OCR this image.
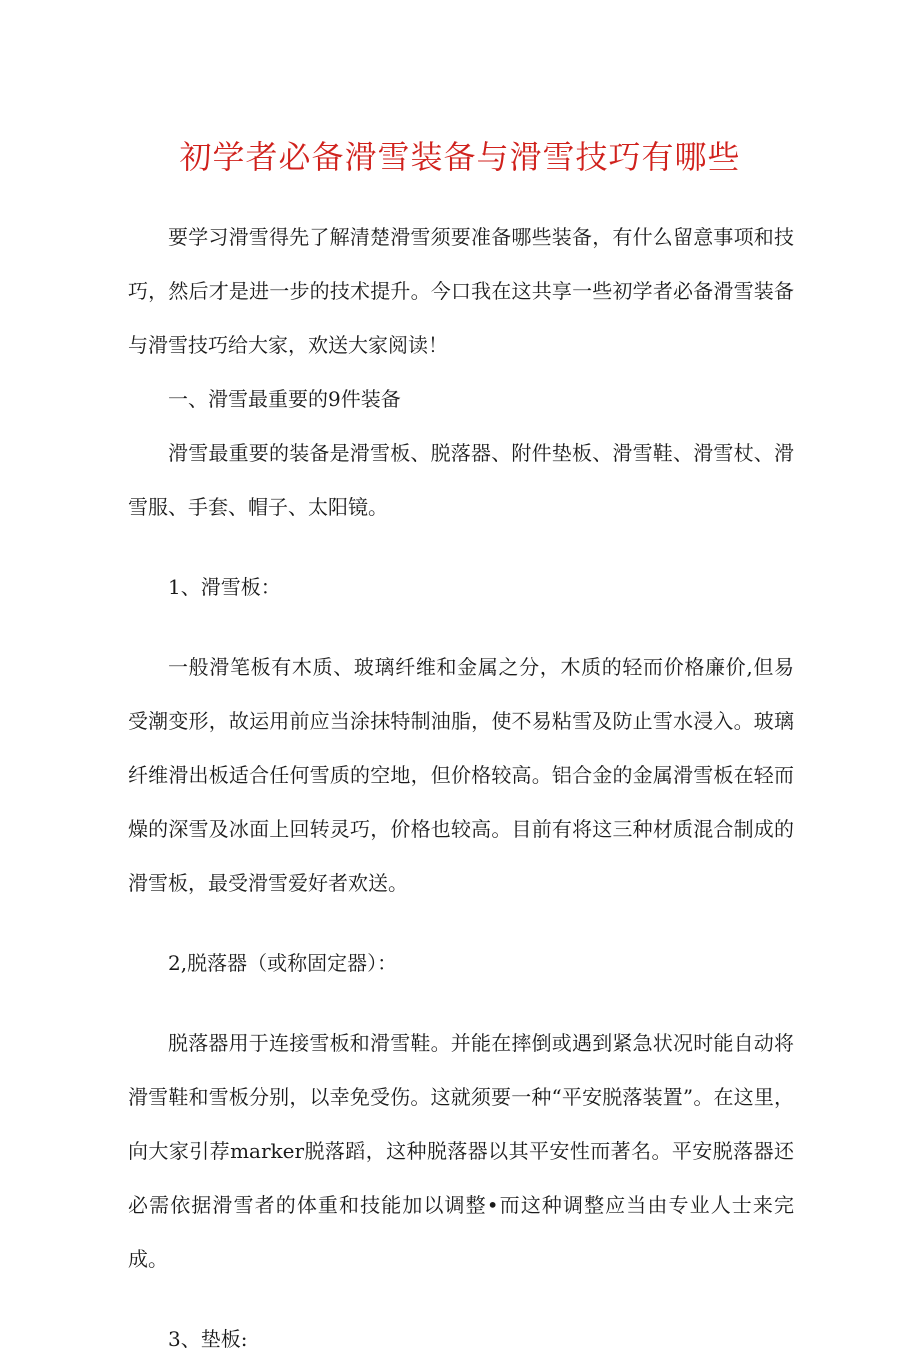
初学者必备滑雪装备与滑雪技巧有哪些

要学习滑雪得先了解清楚滑雪须要准备哪些装备，有什么留意事项和技巧，然后才是进一步的技术提升。今口我在这共享一些初学者必备滑雪装备与滑雪技巧给大家，欢送大家阅读！

一、滑雪最重要的9件装备

滑雪最重要的装备是滑雪板、脱落器、附件垫板、滑雪鞋、滑雪杖、滑雪服、手套、帽子、太阳镜。

1、滑雪板：

一般滑笔板有木质、玻璃纤维和金属之分，木质的轻而价格廉价,但易受潮变形，故运用前应当涂抹特制油脂，使不易粘雪及防止雪水浸入。玻璃纤维滑出板适合任何雪质的空地，但价格较高。铝合金的金属滑雪板在轻而燥的深雪及冰面上回转灵巧，价格也较高。目前有将这三种材质混合制成的滑雪板，最受滑雪爱好者欢送。

2,脱落器（或称固定器）：

脱落器用于连接雪板和滑雪鞋。并能在摔倒或遇到紧急状况时能自动将滑雪鞋和雪板分别，以幸免受伤。这就须要一种“平安脱落装置”。在这里，向大家引荐marker脱落蹈，这种脱落器以其平安性而著名。平安脱落器还必需依据滑雪者的体重和技能加以调整•而这种调整应当由专业人士来完成。

3、垫板:
